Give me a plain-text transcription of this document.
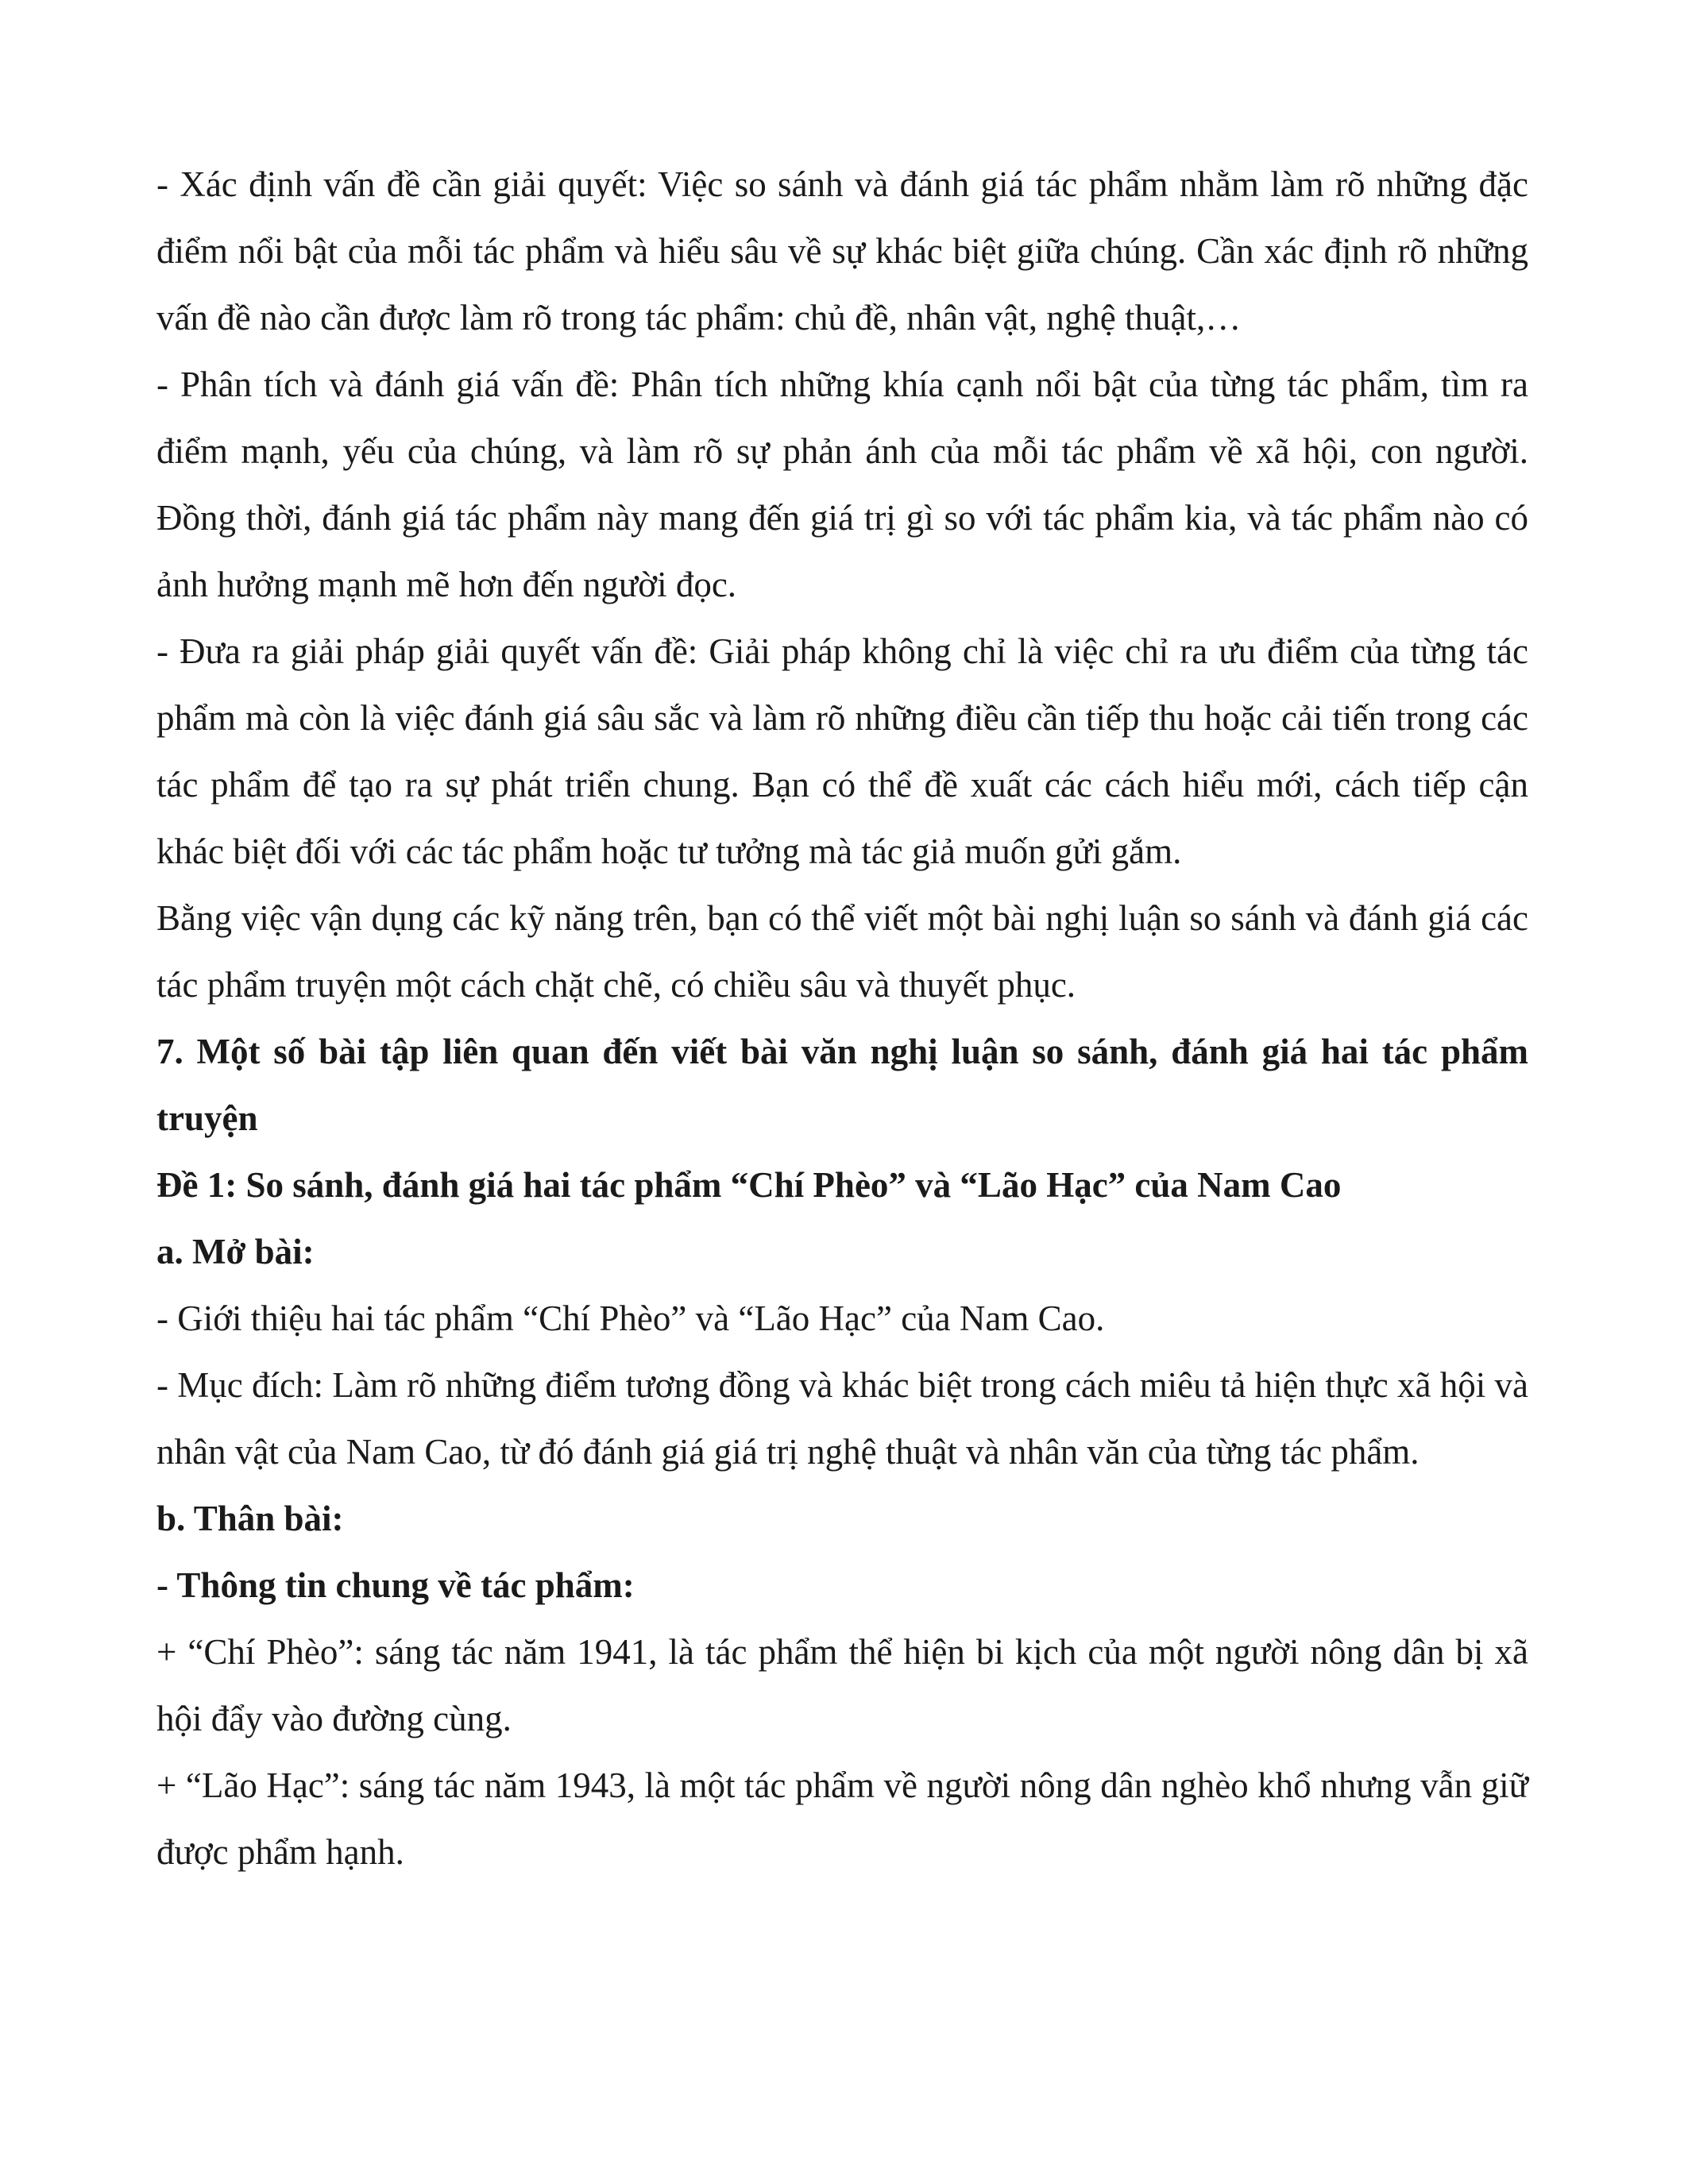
- Xác định vấn đề cần giải quyết: Việc so sánh và đánh giá tác phẩm nhằm làm rõ những đặc điểm nổi bật của mỗi tác phẩm và hiểu sâu về sự khác biệt giữa chúng. Cần xác định rõ những vấn đề nào cần được làm rõ trong tác phẩm: chủ đề, nhân vật, nghệ thuật,…

- Phân tích và đánh giá vấn đề: Phân tích những khía cạnh nổi bật của từng tác phẩm, tìm ra điểm mạnh, yếu của chúng, và làm rõ sự phản ánh của mỗi tác phẩm về xã hội, con người. Đồng thời, đánh giá tác phẩm này mang đến giá trị gì so với tác phẩm kia, và tác phẩm nào có ảnh hưởng mạnh mẽ hơn đến người đọc.

- Đưa ra giải pháp giải quyết vấn đề: Giải pháp không chỉ là việc chỉ ra ưu điểm của từng tác phẩm mà còn là việc đánh giá sâu sắc và làm rõ những điều cần tiếp thu hoặc cải tiến trong các tác phẩm để tạo ra sự phát triển chung. Bạn có thể đề xuất các cách hiểu mới, cách tiếp cận khác biệt đối với các tác phẩm hoặc tư tưởng mà tác giả muốn gửi gắm.

Bằng việc vận dụng các kỹ năng trên, bạn có thể viết một bài nghị luận so sánh và đánh giá các tác phẩm truyện một cách chặt chẽ, có chiều sâu và thuyết phục.

7. Một số bài tập liên quan đến viết bài văn nghị luận so sánh, đánh giá hai tác phẩm truyện

Đề 1: So sánh, đánh giá hai tác phẩm “Chí Phèo” và “Lão Hạc” của Nam Cao

a. Mở bài:

- Giới thiệu hai tác phẩm “Chí Phèo” và “Lão Hạc” của Nam Cao.

- Mục đích: Làm rõ những điểm tương đồng và khác biệt trong cách miêu tả hiện thực xã hội và nhân vật của Nam Cao, từ đó đánh giá giá trị nghệ thuật và nhân văn của từng tác phẩm.

b. Thân bài:

- Thông tin chung về tác phẩm:

+ “Chí Phèo”: sáng tác năm 1941, là tác phẩm thể hiện bi kịch của một người nông dân bị xã hội đẩy vào đường cùng.

+ “Lão Hạc”: sáng tác năm 1943, là một tác phẩm về người nông dân nghèo khổ nhưng vẫn giữ được phẩm hạnh.
